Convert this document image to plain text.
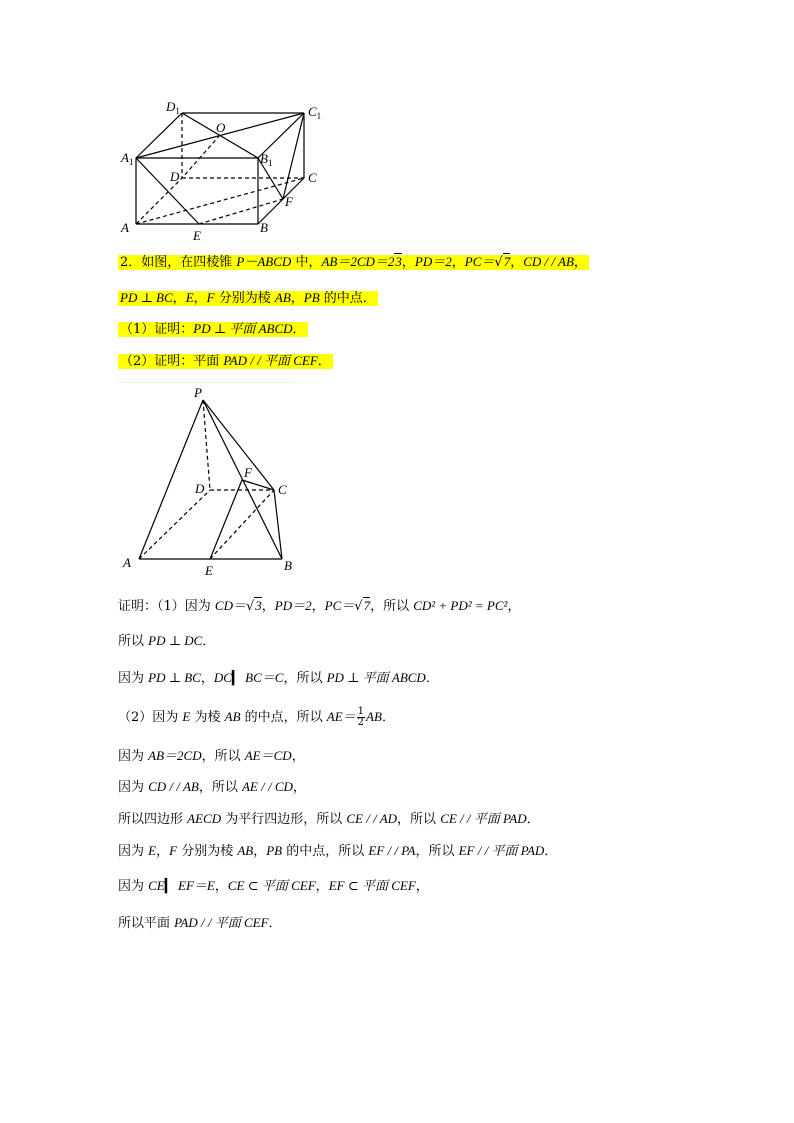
$D_1$	$C_1$
O
$A_1$	$B_1$
D	C
F
A	B
E
2．如图，在四棱锥 P－ABCD 中，AB＝2CD＝23，PD＝2，PC＝√7，CD / / AB，
PD ⊥ BC，E，F 分别为棱 AB，PB 的中点．
（1）证明：PD ⊥ 平面 ABCD．
（2）证明：平面 PAD / / 平面 CEF．
P
F
D	C
A
E	B
证明：（1）因为 CD＝√3，PD＝2，PC＝√7，所以 CD² + PD² = PC²，
所以 PD ⊥ DC．
因为 PD ⊥ BC，DC▎ BC＝C，所以 PD ⊥ 平面 ABCD．
（2）因为 E 为棱 AB 的中点，所以 $AE= \frac{1}{2}$ AB．
因为 AB＝2CD，所以 AE＝CD，
因为 CD / / AB，所以 AE / / CD，
所以四边形 AECD 为平行四边形，所以 CE / / AD，所以 CE / / 平面 PAD．
因为 E，F 分别为棱 AB，PB 的中点，所以 EF / / PA，所以 EF / / 平面 PAD．
因为 CE▎ EF＝E，CE ⊂ 平面 CEF，EF ⊂ 平面 CEF，
所以平面 PAD / / 平面 CEF．
